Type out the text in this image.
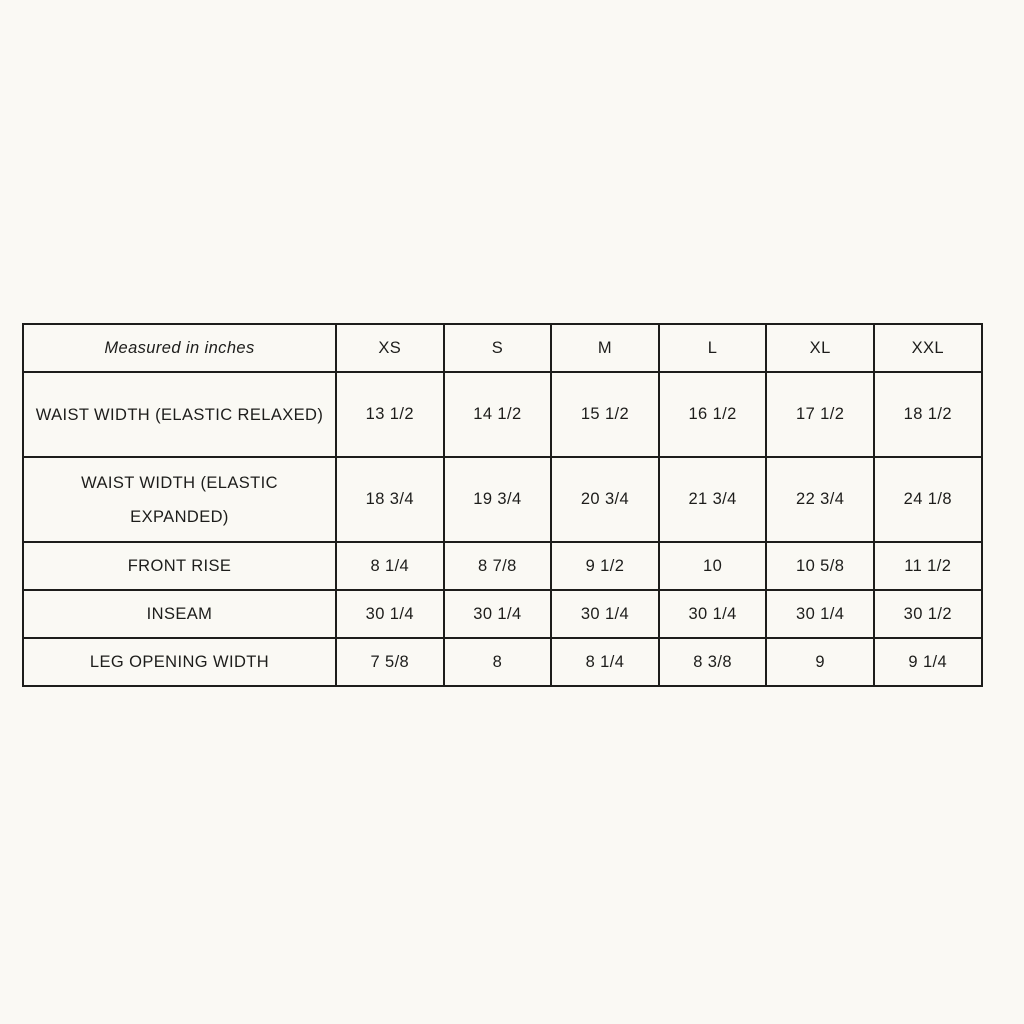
Measured in inches	XS	S	M	L	XL	XXL
WAIST WIDTH (ELASTIC RELAXED)	13 1/2	14 1/2	15 1/2	16 1/2	17 1/2	18 1/2
WAIST WIDTH (ELASTIC EXPANDED)	18 3/4	19 3/4	20 3/4	21 3/4	22 3/4	24 1/8
FRONT RISE	8 1/4	8 7/8	9 1/2	10	10 5/8	11 1/2
INSEAM	30 1/4	30 1/4	30 1/4	30 1/4	30 1/4	30 1/2
LEG OPENING WIDTH	7 5/8	8	8 1/4	8 3/8	9	9 1/4
